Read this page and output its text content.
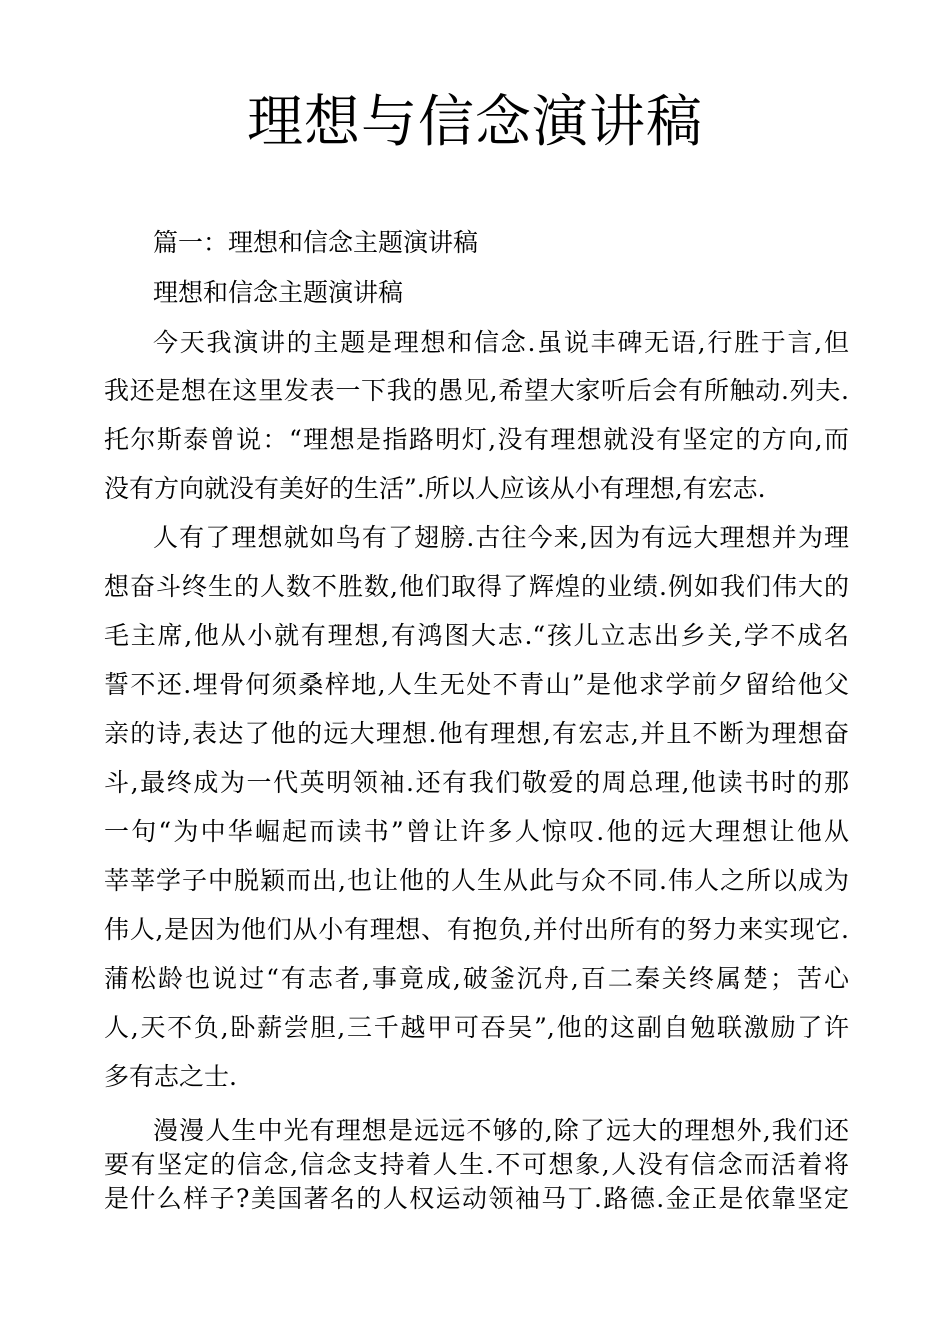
理想与信念演讲稿

篇一：理想和信念主题演讲稿

理想和信念主题演讲稿

今天我演讲的主题是理想和信念.虽说丰碑无语,行胜于言,但

我还是想在这里发表一下我的愚见,希望大家听后会有所触动.列夫.

托尔斯泰曾说：“理想是指路明灯,没有理想就没有坚定的方向,而

没有方向就没有美好的生活”.所以人应该从小有理想,有宏志.

人有了理想就如鸟有了翅膀.古往今来,因为有远大理想并为理

想奋斗终生的人数不胜数,他们取得了辉煌的业绩.例如我们伟大的

毛主席,他从小就有理想,有鸿图大志.“孩儿立志出乡关,学不成名

誓不还.埋骨何须桑梓地,人生无处不青山”是他求学前夕留给他父

亲的诗,表达了他的远大理想.他有理想,有宏志,并且不断为理想奋

斗,最终成为一代英明领袖.还有我们敬爱的周总理,他读书时的那

一句“为中华崛起而读书”曾让许多人惊叹.他的远大理想让他从

莘莘学子中脱颖而出,也让他的人生从此与众不同.伟人之所以成为

伟人,是因为他们从小有理想、有抱负,并付出所有的努力来实现它.

蒲松龄也说过“有志者,事竟成,破釜沉舟,百二秦关终属楚；苦心

人,天不负,卧薪尝胆,三千越甲可吞吴”,他的这副自勉联激励了许

多有志之士.

漫漫人生中光有理想是远远不够的,除了远大的理想外,我们还

要有坚定的信念,信念支持着人生.不可想象,人没有信念而活着将

是什么样子?美国著名的人权运动领袖马丁.路德.金正是依靠坚定
